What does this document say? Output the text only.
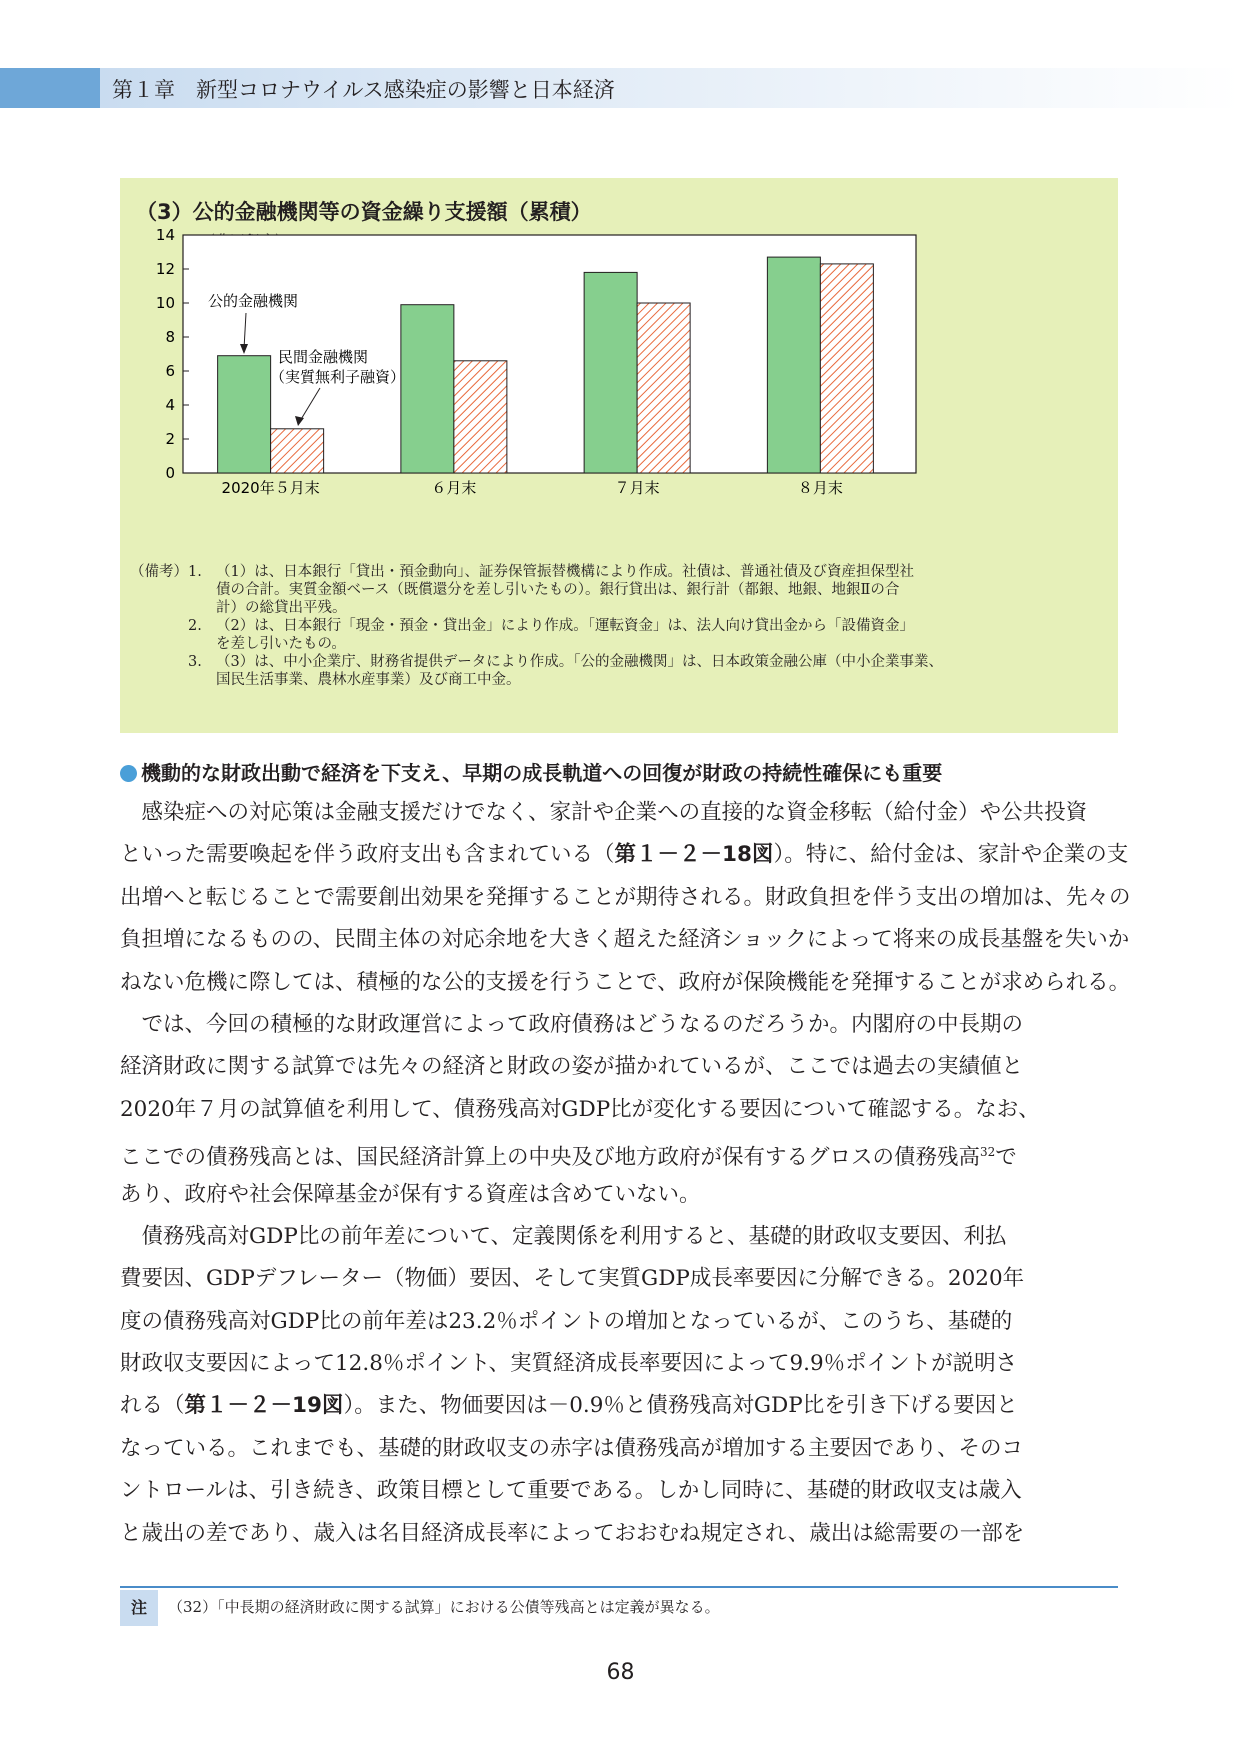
第１章　新型コロナウイルス感染症の影響と日本経済
（3）公的金融機関等の資金繰り支援額（累積）
0
2
4
6
8
10
12
14
2020年５月末	６月末	７月末	８月末
公的金融機関
民間金融機関
（実質無利子融資）
（備考） 1. （1）は、日本銀行「貸出・預金動向」、証券保管振替機構により作成。社債は、普通社債及び資産担保型社
債の合計。実質金額ベース（既償還分を差し引いたもの）。銀行貸出は、銀行計（都銀、地銀、地銀Ⅱの合
計）の総貸出平残。
2. （2）は、日本銀行「現金・預金・貸出金」により作成。「運転資金」は、法人向け貸出金から「設備資金」
を差し引いたもの。
3. （3）は、中小企業庁、財務省提供データにより作成。「公的金融機関」は、日本政策金融公庫（中小企業事業、
国民生活事業、農林水産事業）及び商工中金。
機動的な財政出動で経済を下支え、早期の成長軌道への回復が財政の持続性確保にも重要
　感染症への対応策は金融支援だけでなく、家計や企業への直接的な資金移転（給付金）や公共投資
といった需要喚起を伴う政府支出も含まれている（第１－２－18図）。特に、給付金は、家計や企業の支
出増へと転じることで需要創出効果を発揮することが期待される。財政負担を伴う支出の増加は、先々の
負担増になるものの、民間主体の対応余地を大きく超えた経済ショックによって将来の成長基盤を失いか
ねない危機に際しては、積極的な公的支援を行うことで、政府が保険機能を発揮することが求められる。
　では、今回の積極的な財政運営によって政府債務はどうなるのだろうか。内閣府の中長期の
経済財政に関する試算では先々の経済と財政の姿が描かれているが、ここでは過去の実績値と
2020年７月の試算値を利用して、債務残高対GDP比が変化する要因について確認する。なお、
ここでの債務残高とは、国民経済計算上の中央及び地方政府が保有するグロスの債務残高$^{32}$で
あり、政府や社会保障基金が保有する資産は含めていない。
　債務残高対GDP比の前年差について、定義関係を利用すると、基礎的財政収支要因、利払
費要因、GDPデフレーター（物価）要因、そして実質GDP成長率要因に分解できる。2020年
度の債務残高対GDP比の前年差は23.2％ポイントの増加となっているが、このうち、基礎的
財政収支要因によって12.8％ポイント、実質経済成長率要因によって9.9％ポイントが説明さ
れる（第１－２－19図）。また、物価要因は－0.9％と債務残高対GDP比を引き下げる要因と
なっている。これまでも、基礎的財政収支の赤字は債務残高が増加する主要因であり、そのコ
ントロールは、引き続き、政策目標として重要である。しかし同時に、基礎的財政収支は歳入
と歳出の差であり、歳入は名目経済成長率によっておおむね規定され、歳出は総需要の一部を
注	（32）「中長期の経済財政に関する試算」における公債等残高とは定義が異なる。
68
